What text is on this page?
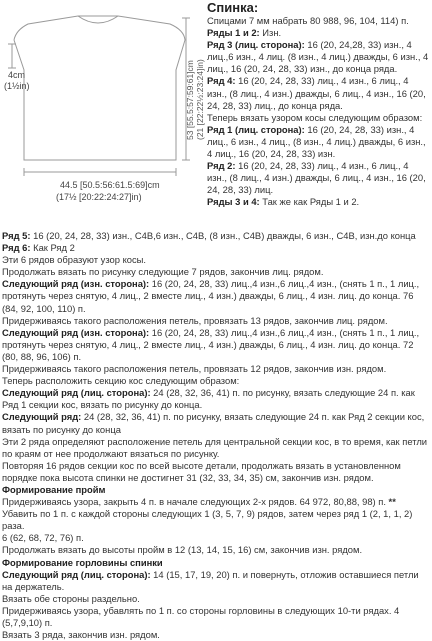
53 [55.5:57:59:61]cm (21 [22:22½:23:24]in)
4cm
(1½in)
44.5 [50.5:56:61.5:69]cm
(17½ [20:22:24:27]in)

Спинка:

Спицами 7 мм набрать 80 988, 96, 104, 114) п.

Ряды 1 и 2: Изн.

Ряд 3 (лиц. сторона): 16 (20, 24,28, 33) изн., 4 лиц.,6 изн., 4 лиц. (8 изн., 4 лиц.) дважды, 6 изн., 4 лиц., 16 (20, 24, 28, 33) изн., до конца ряда.

Ряд 4: 16 (20, 24, 28, 33) лиц., 4 изн., 6 лиц., 4 изн., (8 лиц., 4 изн.) дважды, 6 лиц., 4 изн., 16 (20, 24, 28, 33) лиц., до конца ряда.

Теперь вязать узором косы следующим образом:

Ряд 1 (лиц. сторона): 16 (20, 24, 28, 33) изн., 4 лиц., 6 изн., 4 лиц., (8 изн., 4 лиц.) дважды, 6 изн., 4 лиц., 16 (20, 24, 28, 33) изн.

Ряд 2: 16 (20, 24, 28, 33) лиц., 4 изн., 6 лиц., 4 изн., (8 лиц., 4 изн.) дважды, 6 лиц., 4 изн., 16 (20, 24, 28, 33) лиц.

Ряды 3 и 4: Так же как Ряды 1 и 2.

Ряд 5: 16 (20, 24, 28, 33) изн., С4В,6 изн., С4В, (8 изн., С4В) дважды, 6 изн., С4В, изн.до конца

Ряд 6: Как Ряд 2

Эти 6 рядов образуют узор косы.

Продолжать вязать по рисунку следующие 7 рядов, закончив лиц. рядом.

Следующий ряд (изн. сторона): 16 (20, 24, 28, 33) лиц.,4 изн.,6 лиц.,4 изн., (снять 1 п., 1 лиц., протянуть через снятую, 4 лиц., 2 вместе лиц., 4 изн.) дважды, 6 лиц., 4 изн. лиц. до конца. 76 (84, 92, 100, 110) п.

Придерживаясь такого расположения петель, провязать 13 рядов, закончив лиц. рядом.

Следующий ряд (изн. сторона): 16 (20, 24, 28, 33) лиц.,4 изн.,6 лиц.,4 изн., (снять 1 п., 1 лиц., протянуть через снятую, 4 лиц., 2 вместе лиц., 4 изн.) дважды, 6 лиц., 4 изн. лиц. до конца. 72 (80, 88, 96, 106) п.

Придерживаясь такого расположения петель, провязать 12 рядов, закончив изн. рядом.

Теперь расположить секцию кос следующим образом:

Следующий ряд (лиц. сторона): 24 (28, 32, 36, 41) п. по рисунку, вязать следующие 24 п. как Ряд 1 секции кос, вязать по рисунку до конца.

Следующий ряд: 24 (28, 32, 36, 41) п. по рисунку, вязать следующие 24 п. как Ряд 2 секции кос, вязать по рисунку до конца

Эти 2 ряда определяют расположение петель для центральной секции кос, в то время, как петли по краям от нее продолжают вязаться по рисунку.

Повторяя 16 рядов секции кос по всей высоте детали, продолжать вязать в установленном порядке пока высота спинки не достигнет 31 (32, 33, 34, 35) см, закончив изн. рядом.

Формирование пройм

Придерживаясь узора, закрыть 4 п. в начале следующих 2-х рядов. 64 972, 80,88, 98) п. **

Убавить по 1 п. с каждой стороны следующих 1 (3, 5, 7, 9) рядов, затем через ряд 1 (2, 1, 1, 2) раза.

6 (62, 68, 72, 76) п.

Продолжать вязать до высоты пройм в 12 (13, 14, 15, 16) см, закончив изн. рядом.

Формирование горловины спинки

Следующий ряд (лиц. сторона): 14 (15, 17, 19, 20) п. и повернуть, отложив оставшиеся петли на держатель.

Вязать обе стороны раздельно.

Придерживаясь узора, убавлять по 1 п. со стороны горловины в следующих 10-ти рядах. 4 (5,7,9,10) п.

Вязать 3 ряда, закончив изн. рядом.
